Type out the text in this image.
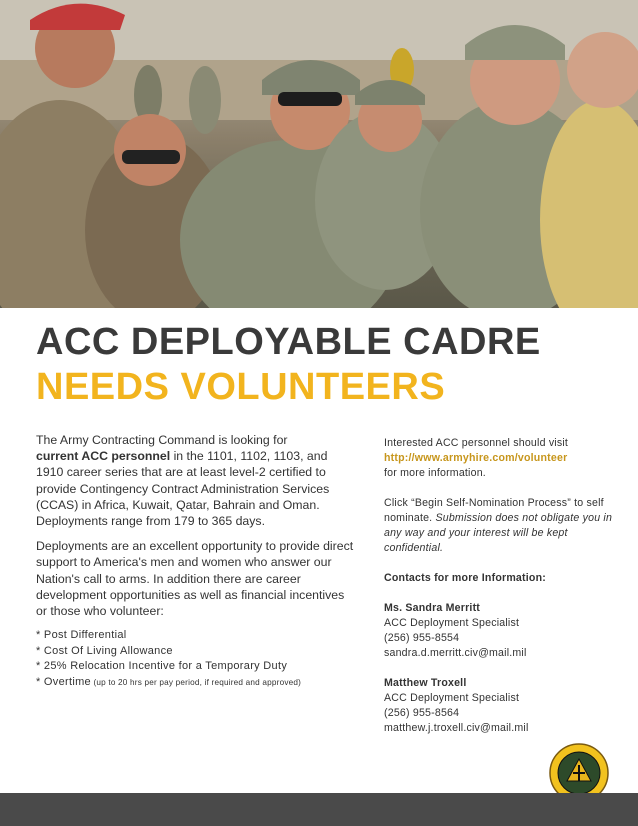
ACC DEPLOYABLE CADRE
NEEDS VOLUNTEERS

The Army Contracting Command is looking for
current ACC personnel in the 1101, 1102, 1103, and 1910 career series that are at least level-2 certified to provide Contingency Contract Administration Services (CCAS) in Africa, Kuwait, Qatar, Bahrain and Oman. Deployments range from 179 to 365 days.

Deployments are an excellent opportunity to provide direct support to America's men and women who answer our Nation's call to arms. In addition there are career development opportunities as well as financial incentives or those who volunteer:

* Post Differential
* Cost Of Living Allowance
* 25% Relocation Incentive for a Temporary Duty
* Overtime (up to 20 hrs per pay period, if required and approved)

Interested ACC personnel should visit
http://www.armyhire.com/volunteer
for more information.

Click “Begin Self-Nomination Process” to self nominate. Submission does not obligate you in any way and your interest will be kept confidential.

Contacts for more Information:

Ms. Sandra Merritt
ACC Deployment Specialist
(256) 955-8554
sandra.d.merritt.civ@mail.mil

Matthew Troxell
ACC Deployment Specialist
(256) 955-8564
matthew.j.troxell.civ@mail.mil
